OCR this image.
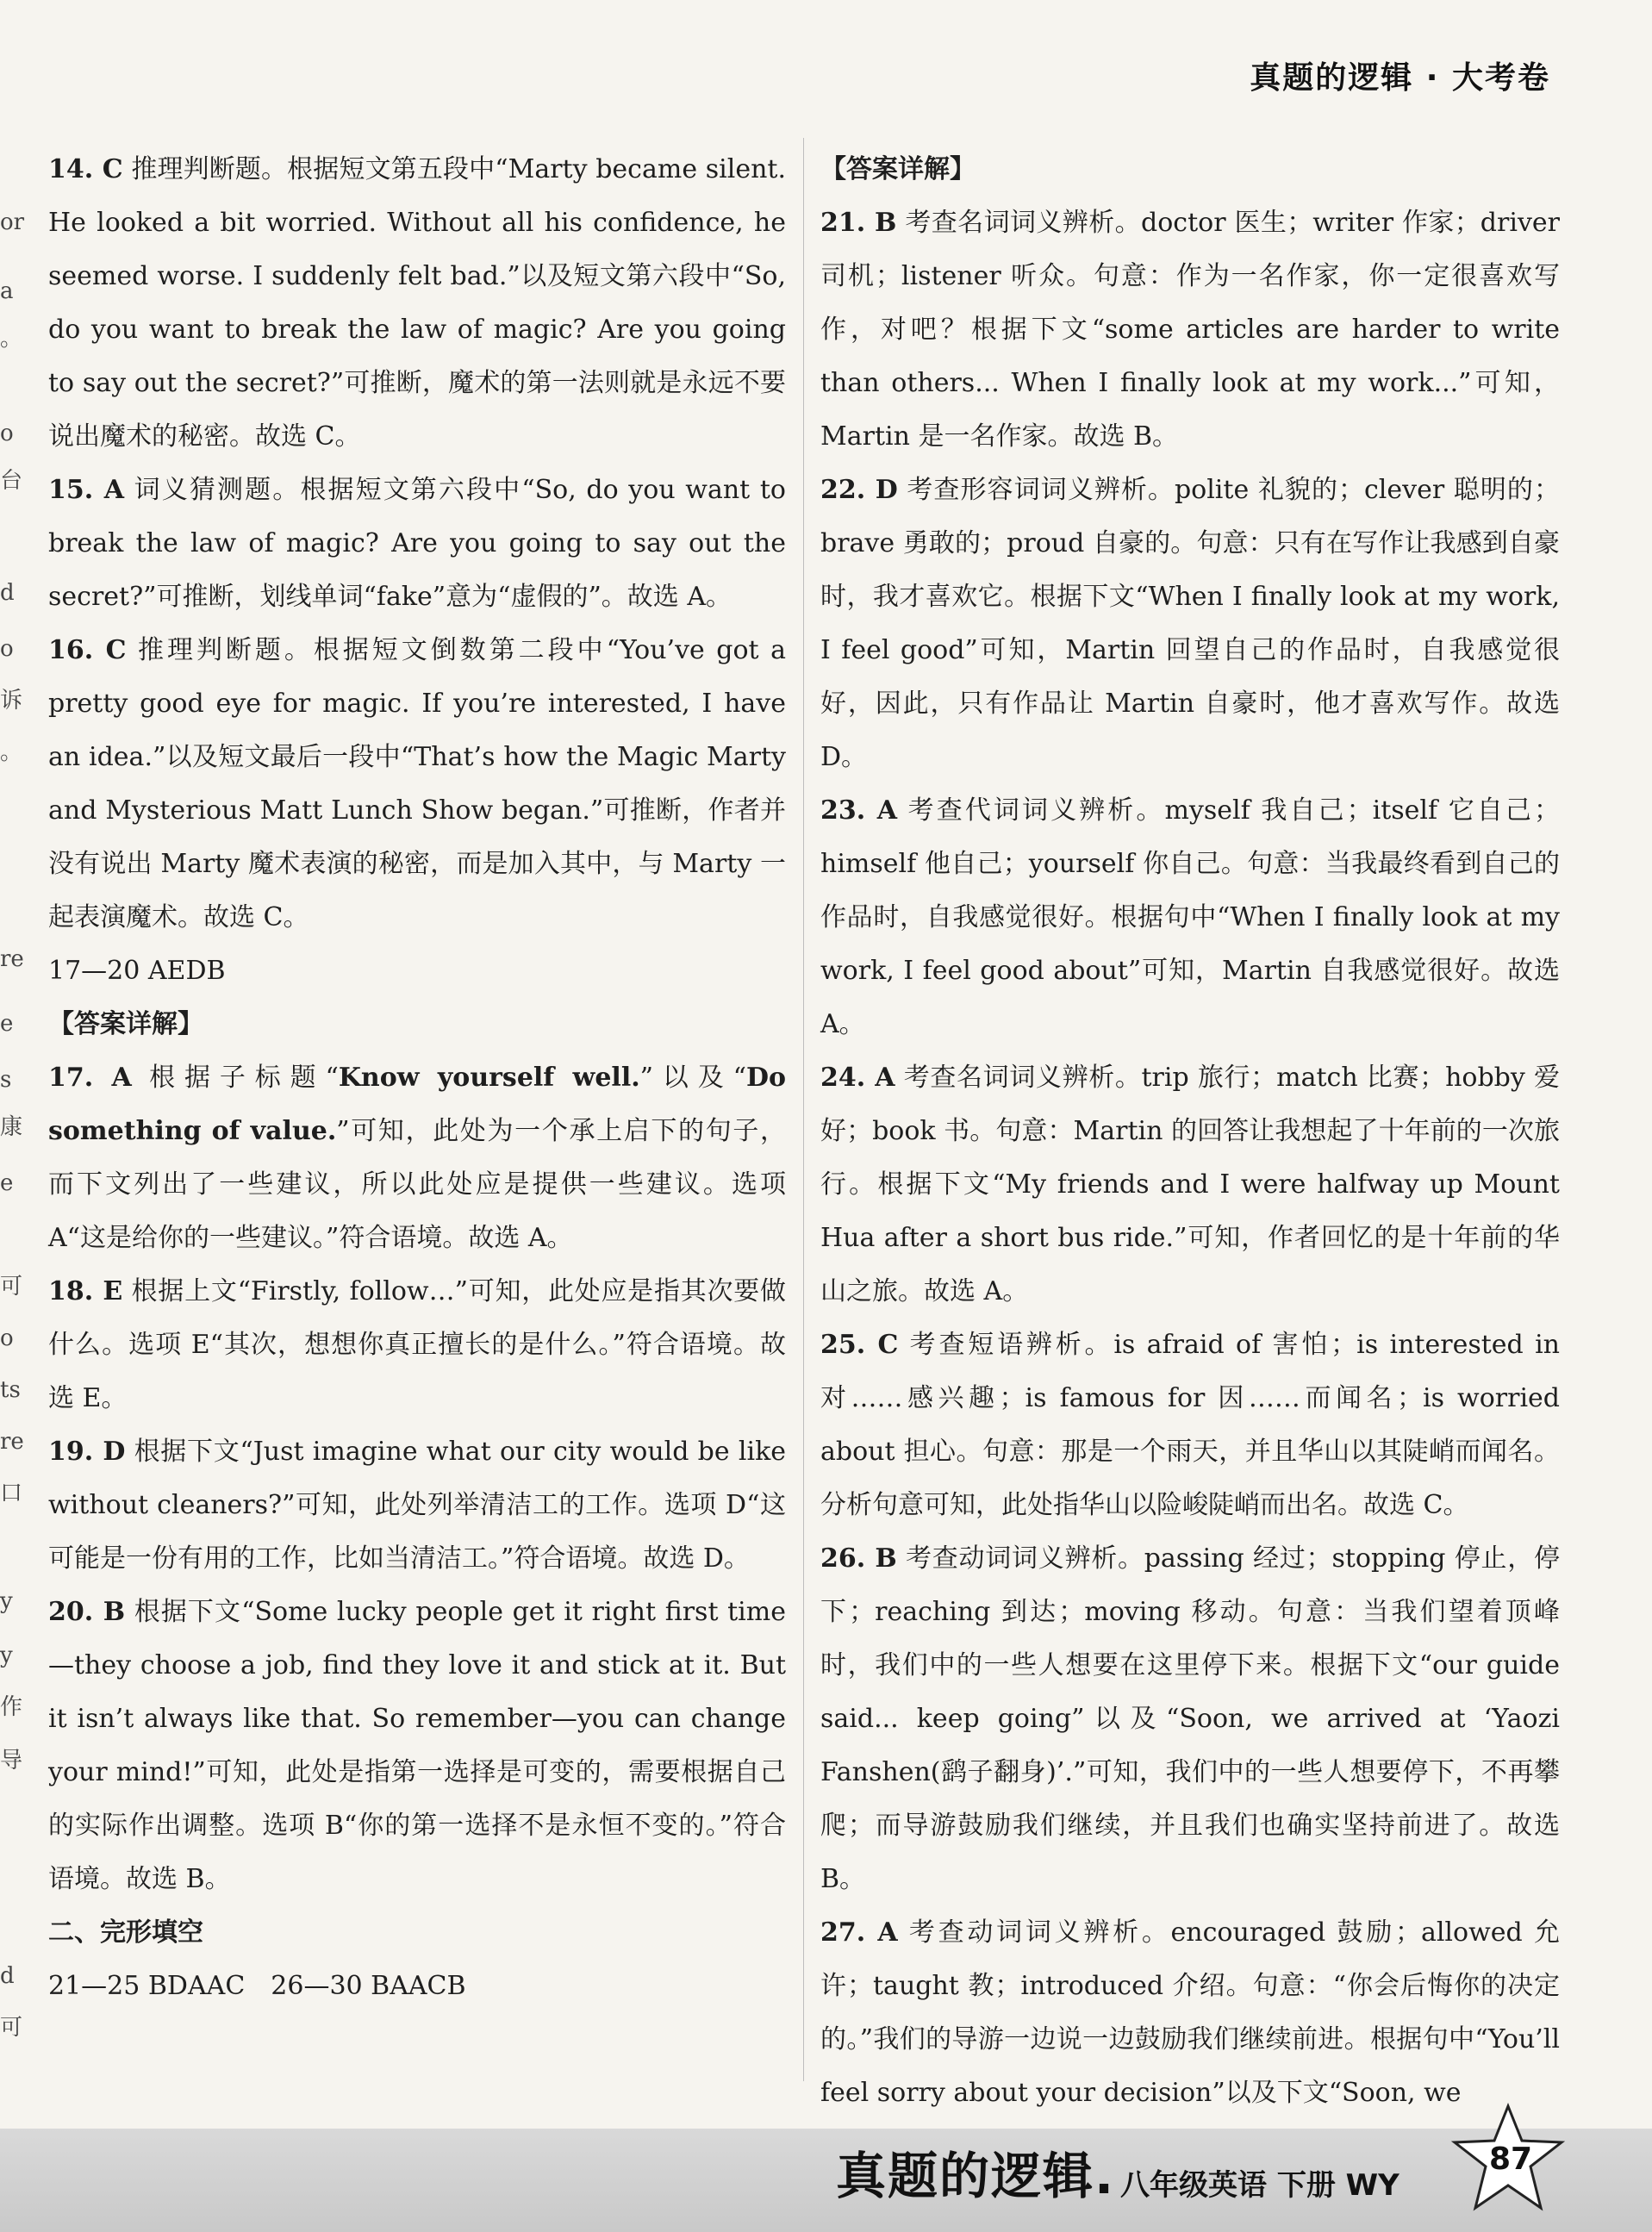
真题的逻辑 · 大考卷
or
a
。
o
台
d
o
诉
。
re
e
s
康
e
可
o
ts
re
口
y
y
作
导
d
可

14. C 推理判断题。根据短文第五段中“Marty became silent. He looked a bit worried. Without all his confidence, he seemed worse. I suddenly felt bad.”以及短文第六段中“So, do you want to break the law of magic? Are you going to say out the secret?”可推断，魔术的第一法则就是永远不要说出魔术的秘密。故选 C。

15. A 词义猜测题。根据短文第六段中“So, do you want to break the law of magic? Are you going to say out the secret?”可推断，划线单词“fake”意为“虚假的”。故选 A。

16. C 推理判断题。根据短文倒数第二段中“You’ve got a pretty good eye for magic. If you’re interested, I have an idea.”以及短文最后一段中“That’s how the Magic Marty and Mysterious Matt Lunch Show began.”可推断，作者并没有说出 Marty 魔术表演的秘密，而是加入其中，与 Marty 一起表演魔术。故选 C。

17—20 AEDB

【答案详解】

17. A 根据子标题“Know yourself well.”以及“Do something of value.”可知，此处为一个承上启下的句子，而下文列出了一些建议，所以此处应是提供一些建议。选项 A“这是给你的一些建议。”符合语境。故选 A。

18. E 根据上文“Firstly, follow…”可知，此处应是指其次要做什么。选项 E“其次，想想你真正擅长的是什么。”符合语境。故选 E。

19. D 根据下文“Just imagine what our city would be like without cleaners?”可知，此处列举清洁工的工作。选项 D“这可能是一份有用的工作，比如当清洁工。”符合语境。故选 D。

20. B 根据下文“Some lucky people get it right first time—they choose a job, find they love it and stick at it. But it isn’t always like that. So remember—you can change your mind!”可知，此处是指第一选择是可变的，需要根据自己的实际作出调整。选项 B“你的第一选择不是永恒不变的。”符合语境。故选 B。

二、完形填空

21—25 BDAAC　26—30 BAACB

【答案详解】

21. B 考查名词词义辨析。doctor 医生；writer 作家；driver 司机；listener 听众。句意：作为一名作家，你一定很喜欢写作，对吧？根据下文“some articles are harder to write than others... When I finally look at my work...”可知，Martin 是一名作家。故选 B。

22. D 考查形容词词义辨析。polite 礼貌的；clever 聪明的；brave 勇敢的；proud 自豪的。句意：只有在写作让我感到自豪时，我才喜欢它。根据下文“When I finally look at my work, I feel good”可知，Martin 回望自己的作品时，自我感觉很好，因此，只有作品让 Martin 自豪时，他才喜欢写作。故选 D。

23. A 考查代词词义辨析。myself 我自己；itself 它自己；himself 他自己；yourself 你自己。句意：当我最终看到自己的作品时，自我感觉很好。根据句中“When I finally look at my work, I feel good about”可知，Martin 自我感觉很好。故选 A。

24. A 考查名词词义辨析。trip 旅行；match 比赛；hobby 爱好；book 书。句意：Martin 的回答让我想起了十年前的一次旅行。根据下文“My friends and I were halfway up Mount Hua after a short bus ride.”可知，作者回忆的是十年前的华山之旅。故选 A。

25. C 考查短语辨析。is afraid of 害怕；is interested in 对……感兴趣；is famous for 因……而闻名；is worried about 担心。句意：那是一个雨天，并且华山以其陡峭而闻名。分析句意可知，此处指华山以险峻陡峭而出名。故选 C。

26. B 考查动词词义辨析。passing 经过；stopping 停止，停下；reaching 到达；moving 移动。句意：当我们望着顶峰时，我们中的一些人想要在这里停下来。根据下文“our guide said... keep going”以及“Soon, we arrived at ‘Yaozi Fanshen(鹞子翻身)’.”可知，我们中的一些人想要停下，不再攀爬；而导游鼓励我们继续，并且我们也确实坚持前进了。故选 B。

27. A 考查动词词义辨析。encouraged 鼓励；allowed 允许；taught 教；introduced 介绍。句意：“你会后悔你的决定的。”我们的导游一边说一边鼓励我们继续前进。根据句中“You’ll feel sorry about your decision”以及下文“Soon, we

真题的逻辑. 八年级英语 下册 WY
87
